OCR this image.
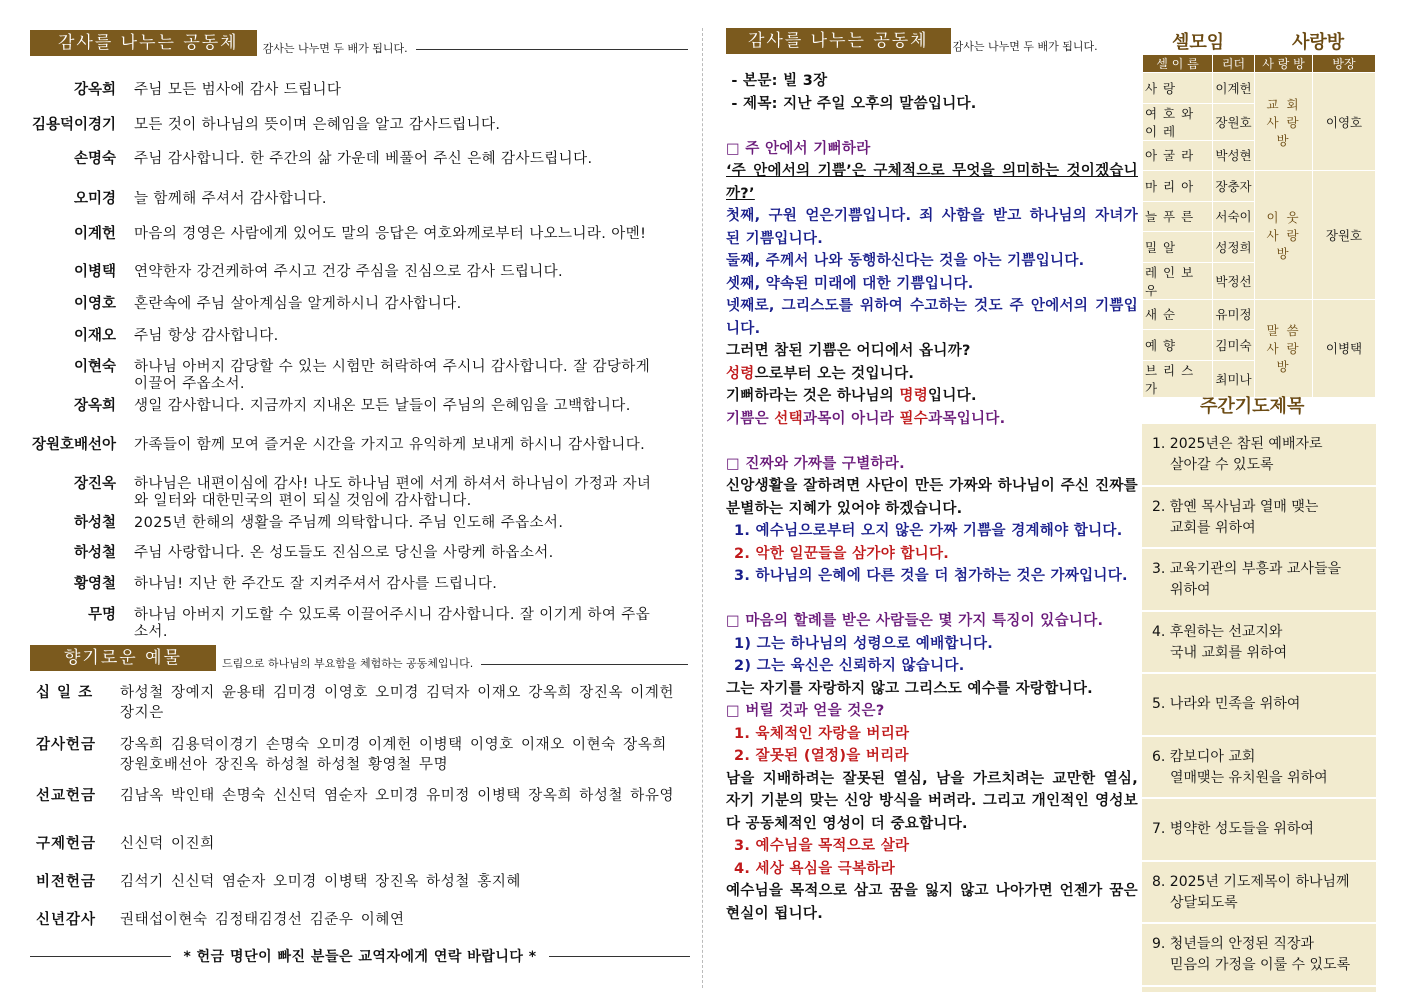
감사를 나누는 공동체	감사는 나누면 두 배가 됩니다.
강옥희	주님 모든 범사에 감사 드립니다
김용덕이경기	모든 것이 하나님의 뜻이며 은혜임을 알고 감사드립니다.
손명숙	주님 감사합니다. 한 주간의 삶 가운데 베풀어 주신 은혜 감사드립니다.
오미경	늘 함께해 주셔서 감사합니다.
이계헌	마음의 경영은 사람에게 있어도 말의 응답은 여호와께로부터 나오느니라. 아멘!
이병택	연약한자 강건케하여 주시고 건강 주심을 진심으로 감사 드립니다.
이영호	혼란속에 주님 살아계심을 알게하시니 감사합니다.
이재오	주님 항상 감사합니다.
이현숙	하나님 아버지 감당할 수 있는 시험만 허락하여 주시니 감사합니다. 잘 감당하게 이끌어 주옵소서.
장옥희	생일 감사합니다. 지금까지 지내온 모든 날들이 주님의 은혜임을 고백합니다.
장원호배선아	가족들이 함께 모여 즐거운 시간을 가지고 유익하게 보내게 하시니 감사합니다.
장진옥	하나님은 내편이심에 감사! 나도 하나님 편에 서게 하셔서 하나님이 가정과 자녀와 일터와 대한민국의 편이 되실 것임에 감사합니다.
하성철	2025년 한해의 생활을 주님께 의탁합니다. 주님 인도해 주옵소서.
하성철	주님 사랑합니다. 온 성도들도 진심으로 당신을 사랑케 하옵소서.
황영철	하나님! 지난 한 주간도 잘 지켜주셔서 감사를 드립니다.
무명	하나님 아버지 기도할 수 있도록 이끌어주시니 감사합니다. 잘 이기게 하여 주옵소서.
향기로운 예물	드림으로 하나님의 부요함을 체험하는 공동체입니다.
십 일 조	하성철 장예지 윤용태 김미경 이영호 오미경 김덕자 이재오 강옥희 장진옥 이계헌 장지은
감사헌금	강옥희 김용덕이경기 손명숙 오미경 이계헌 이병택 이영호 이재오 이현숙 장옥희 장원호배선아 장진옥 하성철 하성철 황영철 무명
선교헌금	김남옥 박인태 손명숙 신신덕 염순자 오미경 유미정 이병택 장옥희 하성철 하유영
구제헌금	신신덕 이진희
비전헌금	김석기 신신덕 염순자 오미경 이병택 장진옥 하성철 홍지혜
신년감사	권태섭이현숙 김정태김경선 김준우 이혜연
* 헌금 명단이 빠진 분들은 교역자에게 연락 바랍니다 *
감사를 나누는 공동체	감사는 나누면 두 배가 됩니다.

- 본문: 빌 3장

- 제목: 지난 주일 오후의 말씀입니다.

□ 주 안에서 기뻐하라

‘주 안에서의 기쁨’은 구체적으로 무엇을 의미하는 것이겠습니까?’

첫째, 구원 얻은기쁨입니다. 죄 사함을 받고 하나님의 자녀가 된 기쁨입니다.

둘째, 주께서 나와 동행하신다는 것을 아는 기쁨입니다.

셋째, 약속된 미래에 대한 기쁨입니다.

넷째로, 그리스도를 위하여 수고하는 것도 주 안에서의 기쁨입니다.

그러면 참된 기쁨은 어디에서 옵니까?

성령으로부터 오는 것입니다.

기뻐하라는 것은 하나님의 명령입니다.

기쁨은 선택과목이 아니라 필수과목입니다.

□ 진짜와 가짜를 구별하라.

신앙생활을 잘하려면 사단이 만든 가짜와 하나님이 주신 진짜를 분별하는 지혜가 있어야 하겠습니다.

1. 예수님으로부터 오지 않은 가짜 기쁨을 경계해야 합니다.

2. 악한 일꾼들을 삼가야 합니다.

3. 하나님의 은혜에 다른 것을 더 첨가하는 것은 가짜입니다.

□ 마음의 할례를 받은 사람들은 몇 가지 특징이 있습니다.

1) 그는 하나님의 성령으로 예배합니다.

2) 그는 육신은 신뢰하지 않습니다.

그는 자기를 자랑하지 않고 그리스도 예수를 자랑합니다.

□ 버릴 것과 얻을 것은?

1. 육체적인 자랑을 버리라

2. 잘못된 (열정)을 버리라

남을 지배하려는 잘못된 열심, 남을 가르치려는 교만한 열심, 자기 기분의 맞는 신앙 방식을 버려라. 그리고 개인적인 영성보다 공동체적인 영성이 더 중요합니다.

3. 예수님을 목적으로 살라

4. 세상 욕심을 극복하라

예수님을 목적으로 삼고 꿈을 잃지 않고 나아가면 언젠가 꿈은 현실이 됩니다.

셀모임	사랑방
셀 이 름	리더	사 랑 방	방장
사 랑	이계헌	교 회 사 랑 방	이영호
여 호 와 이 레	장원호		
아 굴 라	박성현		
마 리 아	장충자	이 웃 사 랑 방	장원호
늘 푸 른	서숙이		
밀 알	성정희		
레 인 보 우	박정선		
새 순	유미정	말 씀 사 랑 방	이병택
예 향	김미숙		
브 리 스 가	최미나		
주간기도제목
1. 2025년은 참된 예배자로
살아갈 수 있도록
2. 함옌 목사님과 열매 맺는
교회를 위하여
3. 교육기관의 부흥과 교사들을
위하여
4. 후원하는 선교지와
국내 교회를 위하여
5. 나라와 민족을 위하여
6. 캄보디아 교회
열매맺는 유치원을 위하여
7. 병약한 성도들을 위하여
8. 2025년 기도제목이 하나님께
상달되도록
9. 청년들의 안정된 직장과
믿음의 가정을 이룰 수 있도록
